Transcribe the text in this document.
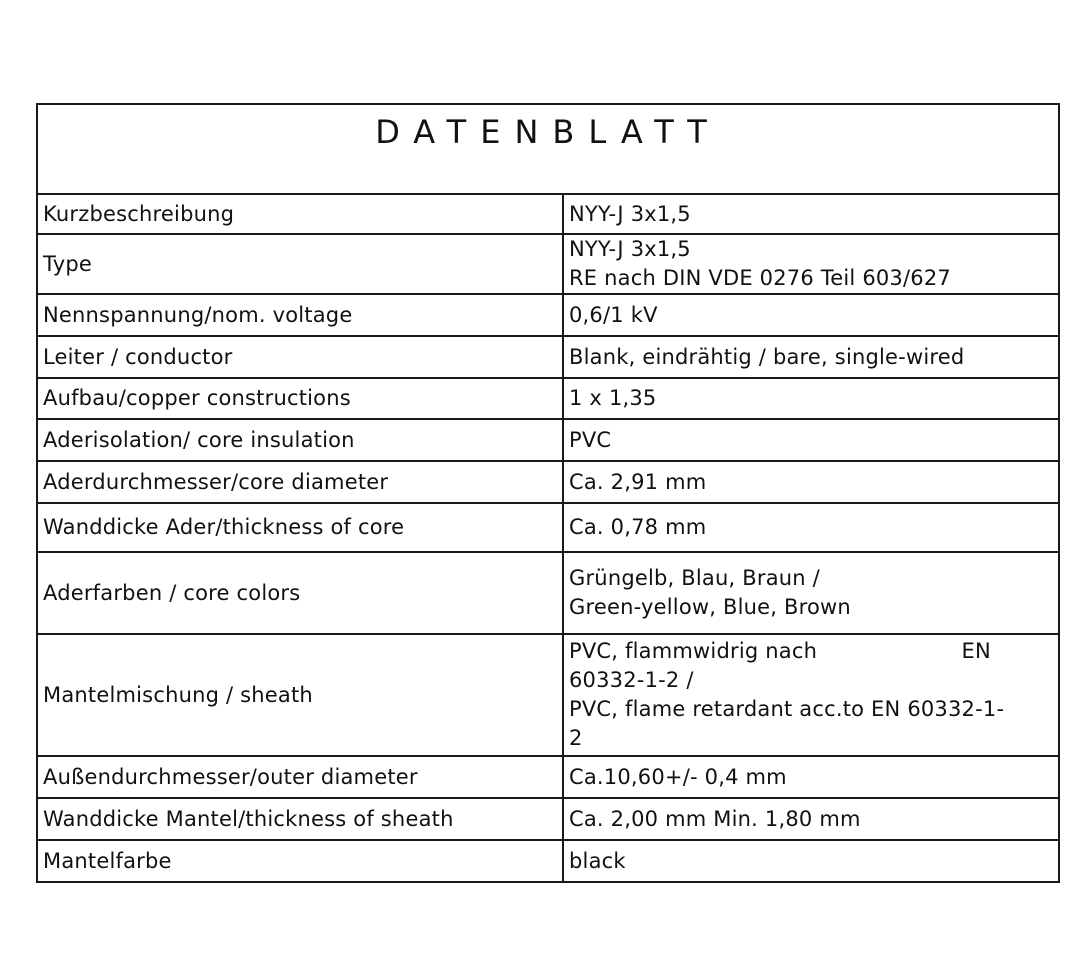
DATENBLATT	
Kurzbeschreibung	NYY-J 3x1,5

Type	NYY-J 3x1,5
RE nach DIN VDE 0276 Teil 603/627

Nennspannung/nom. voltage	0,6/1 kV

Leiter / conductor	Blank, eindrähtig / bare, single-wired

Aufbau/copper constructions	1 x 1,35

Aderisolation/ core insulation	PVC

Aderdurchmesser/core diameter	Ca. 2,91 mm

Wanddicke Ader/thickness of core	Ca. 0,78 mm

Aderfarben / core colors	Grüngelb, Blau, Braun /
Green-yellow, Blue, Brown

Mantelmischung / sheath	PVC, flammwidrig nach                     EN
60332-1-2 /
PVC, flame retardant acc.to EN 60332-1-
2

Außendurchmesser/outer diameter	Ca.10,60+/- 0,4 mm

Wanddicke Mantel/thickness of sheath	Ca. 2,00 mm Min. 1,80 mm

Mantelfarbe	black
